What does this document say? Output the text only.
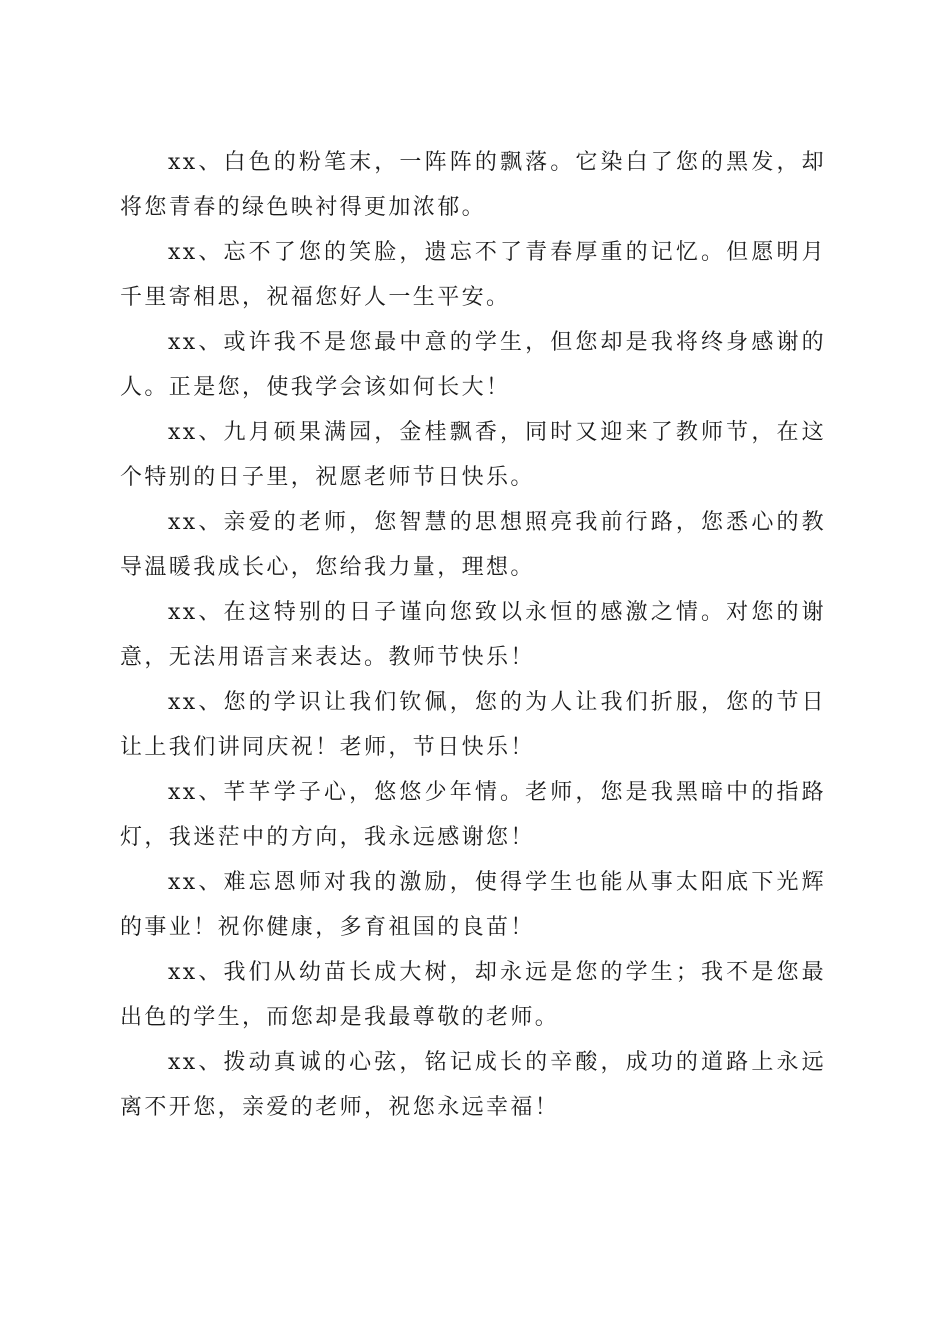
xx、白色的粉笔末，一阵阵的飘落。它染白了您的黑发，却将您青春的绿色映衬得更加浓郁。

xx、忘不了您的笑脸，遗忘不了青春厚重的记忆。但愿明月千里寄相思，祝福您好人一生平安。

xx、或许我不是您最中意的学生，但您却是我将终身感谢的人。正是您，使我学会该如何长大！

xx、九月硕果满园，金桂飘香，同时又迎来了教师节，在这个特别的日子里，祝愿老师节日快乐。

xx、亲爱的老师，您智慧的思想照亮我前行路，您悉心的教导温暖我成长心，您给我力量，理想。

xx、在这特别的日子谨向您致以永恒的感激之情。对您的谢意，无法用语言来表达。教师节快乐！

xx、您的学识让我们钦佩，您的为人让我们折服，您的节日让上我们讲同庆祝！老师，节日快乐！

xx、芊芊学子心，悠悠少年情。老师，您是我黑暗中的指路灯，我迷茫中的方向，我永远感谢您！

xx、难忘恩师对我的激励，使得学生也能从事太阳底下光辉的事业！祝你健康，多育祖国的良苗！

xx、我们从幼苗长成大树，却永远是您的学生；我不是您最出色的学生，而您却是我最尊敬的老师。

xx、拨动真诚的心弦，铭记成长的辛酸，成功的道路上永远离不开您，亲爱的老师，祝您永远幸福！
